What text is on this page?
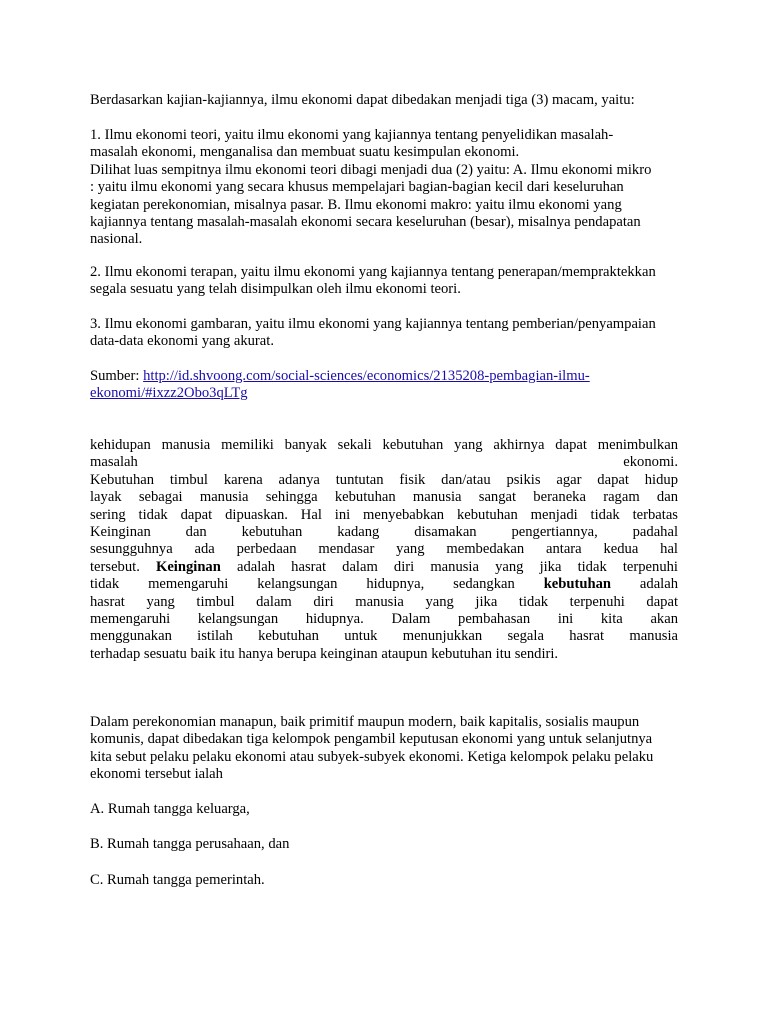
Berdasarkan kajian-kajiannya, ilmu ekonomi dapat dibedakan menjadi tiga (3) macam, yaitu:

1. Ilmu ekonomi teori, yaitu ilmu ekonomi yang kajiannya tentang penyelidikan masalah-
masalah ekonomi, menganalisa dan membuat suatu kesimpulan ekonomi.
Dilihat luas sempitnya ilmu ekonomi teori dibagi menjadi dua (2) yaitu: A. Ilmu ekonomi mikro
: yaitu ilmu ekonomi yang secara khusus mempelajari bagian-bagian kecil dari keseluruhan
kegiatan perekonomian, misalnya pasar. B. Ilmu ekonomi makro: yaitu ilmu ekonomi yang
kajiannya tentang masalah-masalah ekonomi secara keseluruhan (besar), misalnya pendapatan
nasional.

2. Ilmu ekonomi terapan, yaitu ilmu ekonomi yang kajiannya tentang penerapan/mempraktekkan
segala sesuatu yang telah disimpulkan oleh ilmu ekonomi teori.

3. Ilmu ekonomi gambaran, yaitu ilmu ekonomi yang kajiannya tentang pemberian/penyampaian
data-data ekonomi yang akurat.

Sumber: http://id.shvoong.com/social-sciences/economics/2135208-pembagian-ilmu-
ekonomi/#ixzz2Obo3qLTg

kehidupan manusia memiliki banyak sekali kebutuhan yang akhirnya dapat menimbulkan
masalah ekonomi.
Kebutuhan timbul karena adanya tuntutan fisik dan/atau psikis agar dapat hidup
layak sebagai manusia sehingga kebutuhan manusia sangat beraneka ragam dan
sering tidak dapat dipuaskan. Hal ini menyebabkan kebutuhan menjadi tidak terbatas
Keinginan dan kebutuhan kadang disamakan pengertiannya, padahal
sesungguhnya ada perbedaan mendasar yang membedakan antara kedua hal
tersebut. Keinginan adalah hasrat dalam diri manusia yang jika tidak terpenuhi
tidak memengaruhi kelangsungan hidupnya, sedangkan kebutuhan adalah
hasrat yang timbul dalam diri manusia yang jika tidak terpenuhi dapat
memengaruhi kelangsungan hidupnya. Dalam pembahasan ini kita akan
menggunakan istilah kebutuhan untuk menunjukkan segala hasrat manusia
terhadap sesuatu baik itu hanya berupa keinginan ataupun kebutuhan itu sendiri.

Dalam perekonomian manapun, baik primitif maupun modern, baik kapitalis, sosialis maupun
komunis, dapat dibedakan tiga kelompok pengambil keputusan ekonomi yang untuk selanjutnya
kita sebut pelaku pelaku ekonomi atau subyek-subyek ekonomi. Ketiga kelompok pelaku pelaku
ekonomi tersebut ialah

A. Rumah tangga keluarga,

B. Rumah tangga perusahaan, dan

C. Rumah tangga pemerintah.
